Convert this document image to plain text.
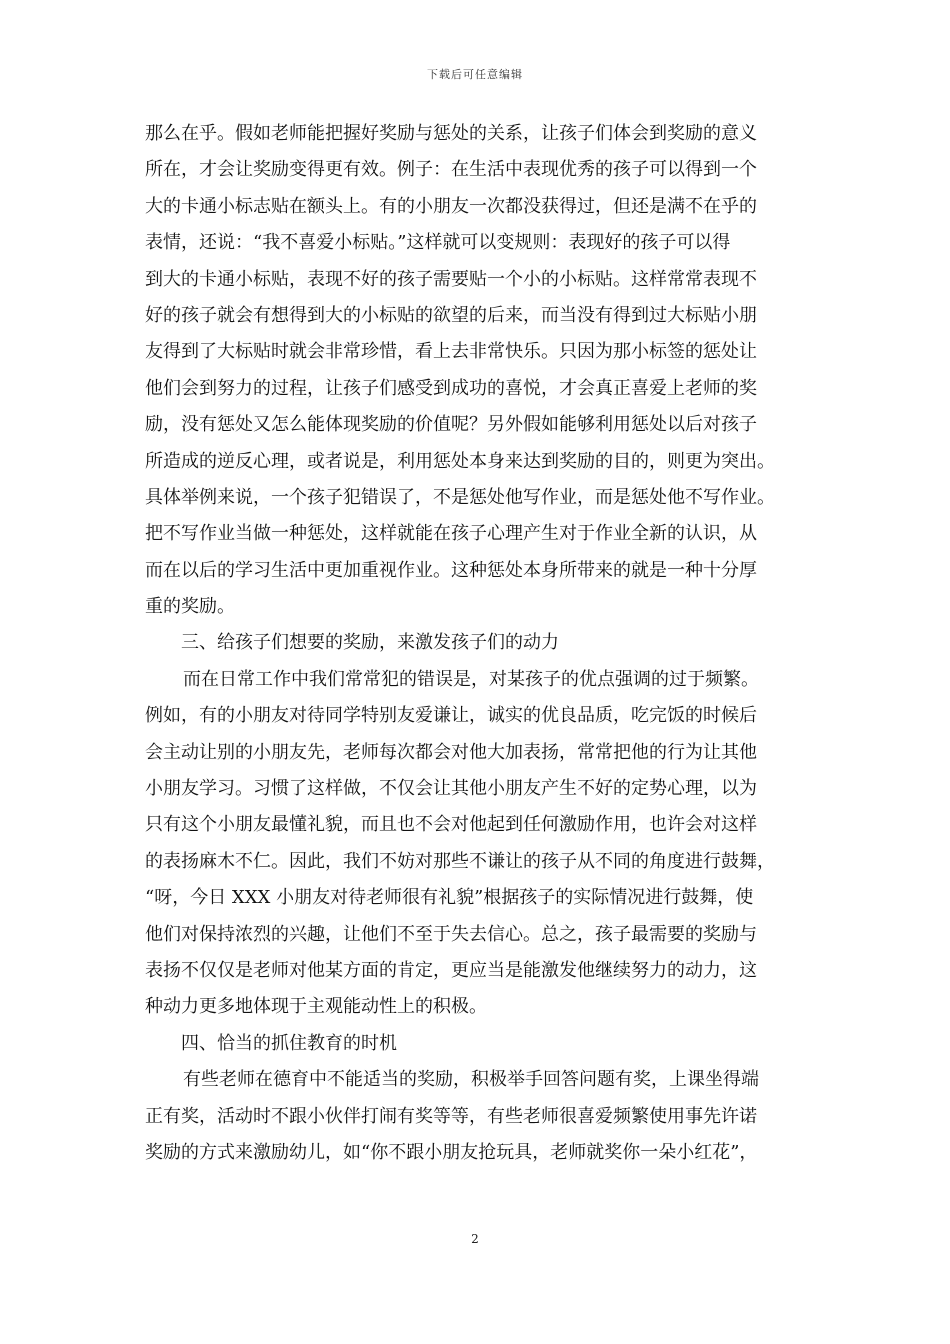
下载后可任意编辑
那么在乎。假如老师能把握好奖励与惩处的关系，让孩子们体会到奖励的意义
所在，才会让奖励变得更有效。例子：在生活中表现优秀的孩子可以得到一个
大的卡通小标志贴在额头上。有的小朋友一次都没获得过，但还是满不在乎的
表情，还说：“我不喜爱小标贴。”这样就可以变规则：表现好的孩子可以得
到大的卡通小标贴，表现不好的孩子需要贴一个小的小标贴。这样常常表现不
好的孩子就会有想得到大的小标贴的欲望的后来，而当没有得到过大标贴小朋
友得到了大标贴时就会非常珍惜，看上去非常快乐。只因为那小标签的惩处让
他们会到努力的过程，让孩子们感受到成功的喜悦，才会真正喜爱上老师的奖
励，没有惩处又怎么能体现奖励的价值呢？另外假如能够利用惩处以后对孩子
所造成的逆反心理，或者说是，利用惩处本身来达到奖励的目的，则更为突出。
具体举例来说，一个孩子犯错误了，不是惩处他写作业，而是惩处他不写作业。
把不写作业当做一种惩处，这样就能在孩子心理产生对于作业全新的认识，从
而在以后的学习生活中更加重视作业。这种惩处本身所带来的就是一种十分厚
重的奖励。
三、给孩子们想要的奖励，来激发孩子们的动力
而在日常工作中我们常常犯的错误是，对某孩子的优点强调的过于频繁。
例如，有的小朋友对待同学特别友爱谦让，诚实的优良品质，吃完饭的时候后
会主动让别的小朋友先，老师每次都会对他大加表扬，常常把他的行为让其他
小朋友学习。习惯了这样做，不仅会让其他小朋友产生不好的定势心理，以为
只有这个小朋友最懂礼貌，而且也不会对他起到任何激励作用，也许会对这样
的表扬麻木不仁。因此，我们不妨对那些不谦让的孩子从不同的角度进行鼓舞，
“呀，今日 XXX 小朋友对待老师很有礼貌”根据孩子的实际情况进行鼓舞，使
他们对保持浓烈的兴趣，让他们不至于失去信心。总之，孩子最需要的奖励与
表扬不仅仅是老师对他某方面的肯定，更应当是能激发他继续努力的动力，这
种动力更多地体现于主观能动性上的积极。
四、恰当的抓住教育的时机
有些老师在德育中不能适当的奖励，积极举手回答问题有奖，上课坐得端
正有奖，活动时不跟小伙伴打闹有奖等等，有些老师很喜爱频繁使用事先许诺
奖励的方式来激励幼儿，如“你不跟小朋友抢玩具，老师就奖你一朵小红花”，
2
